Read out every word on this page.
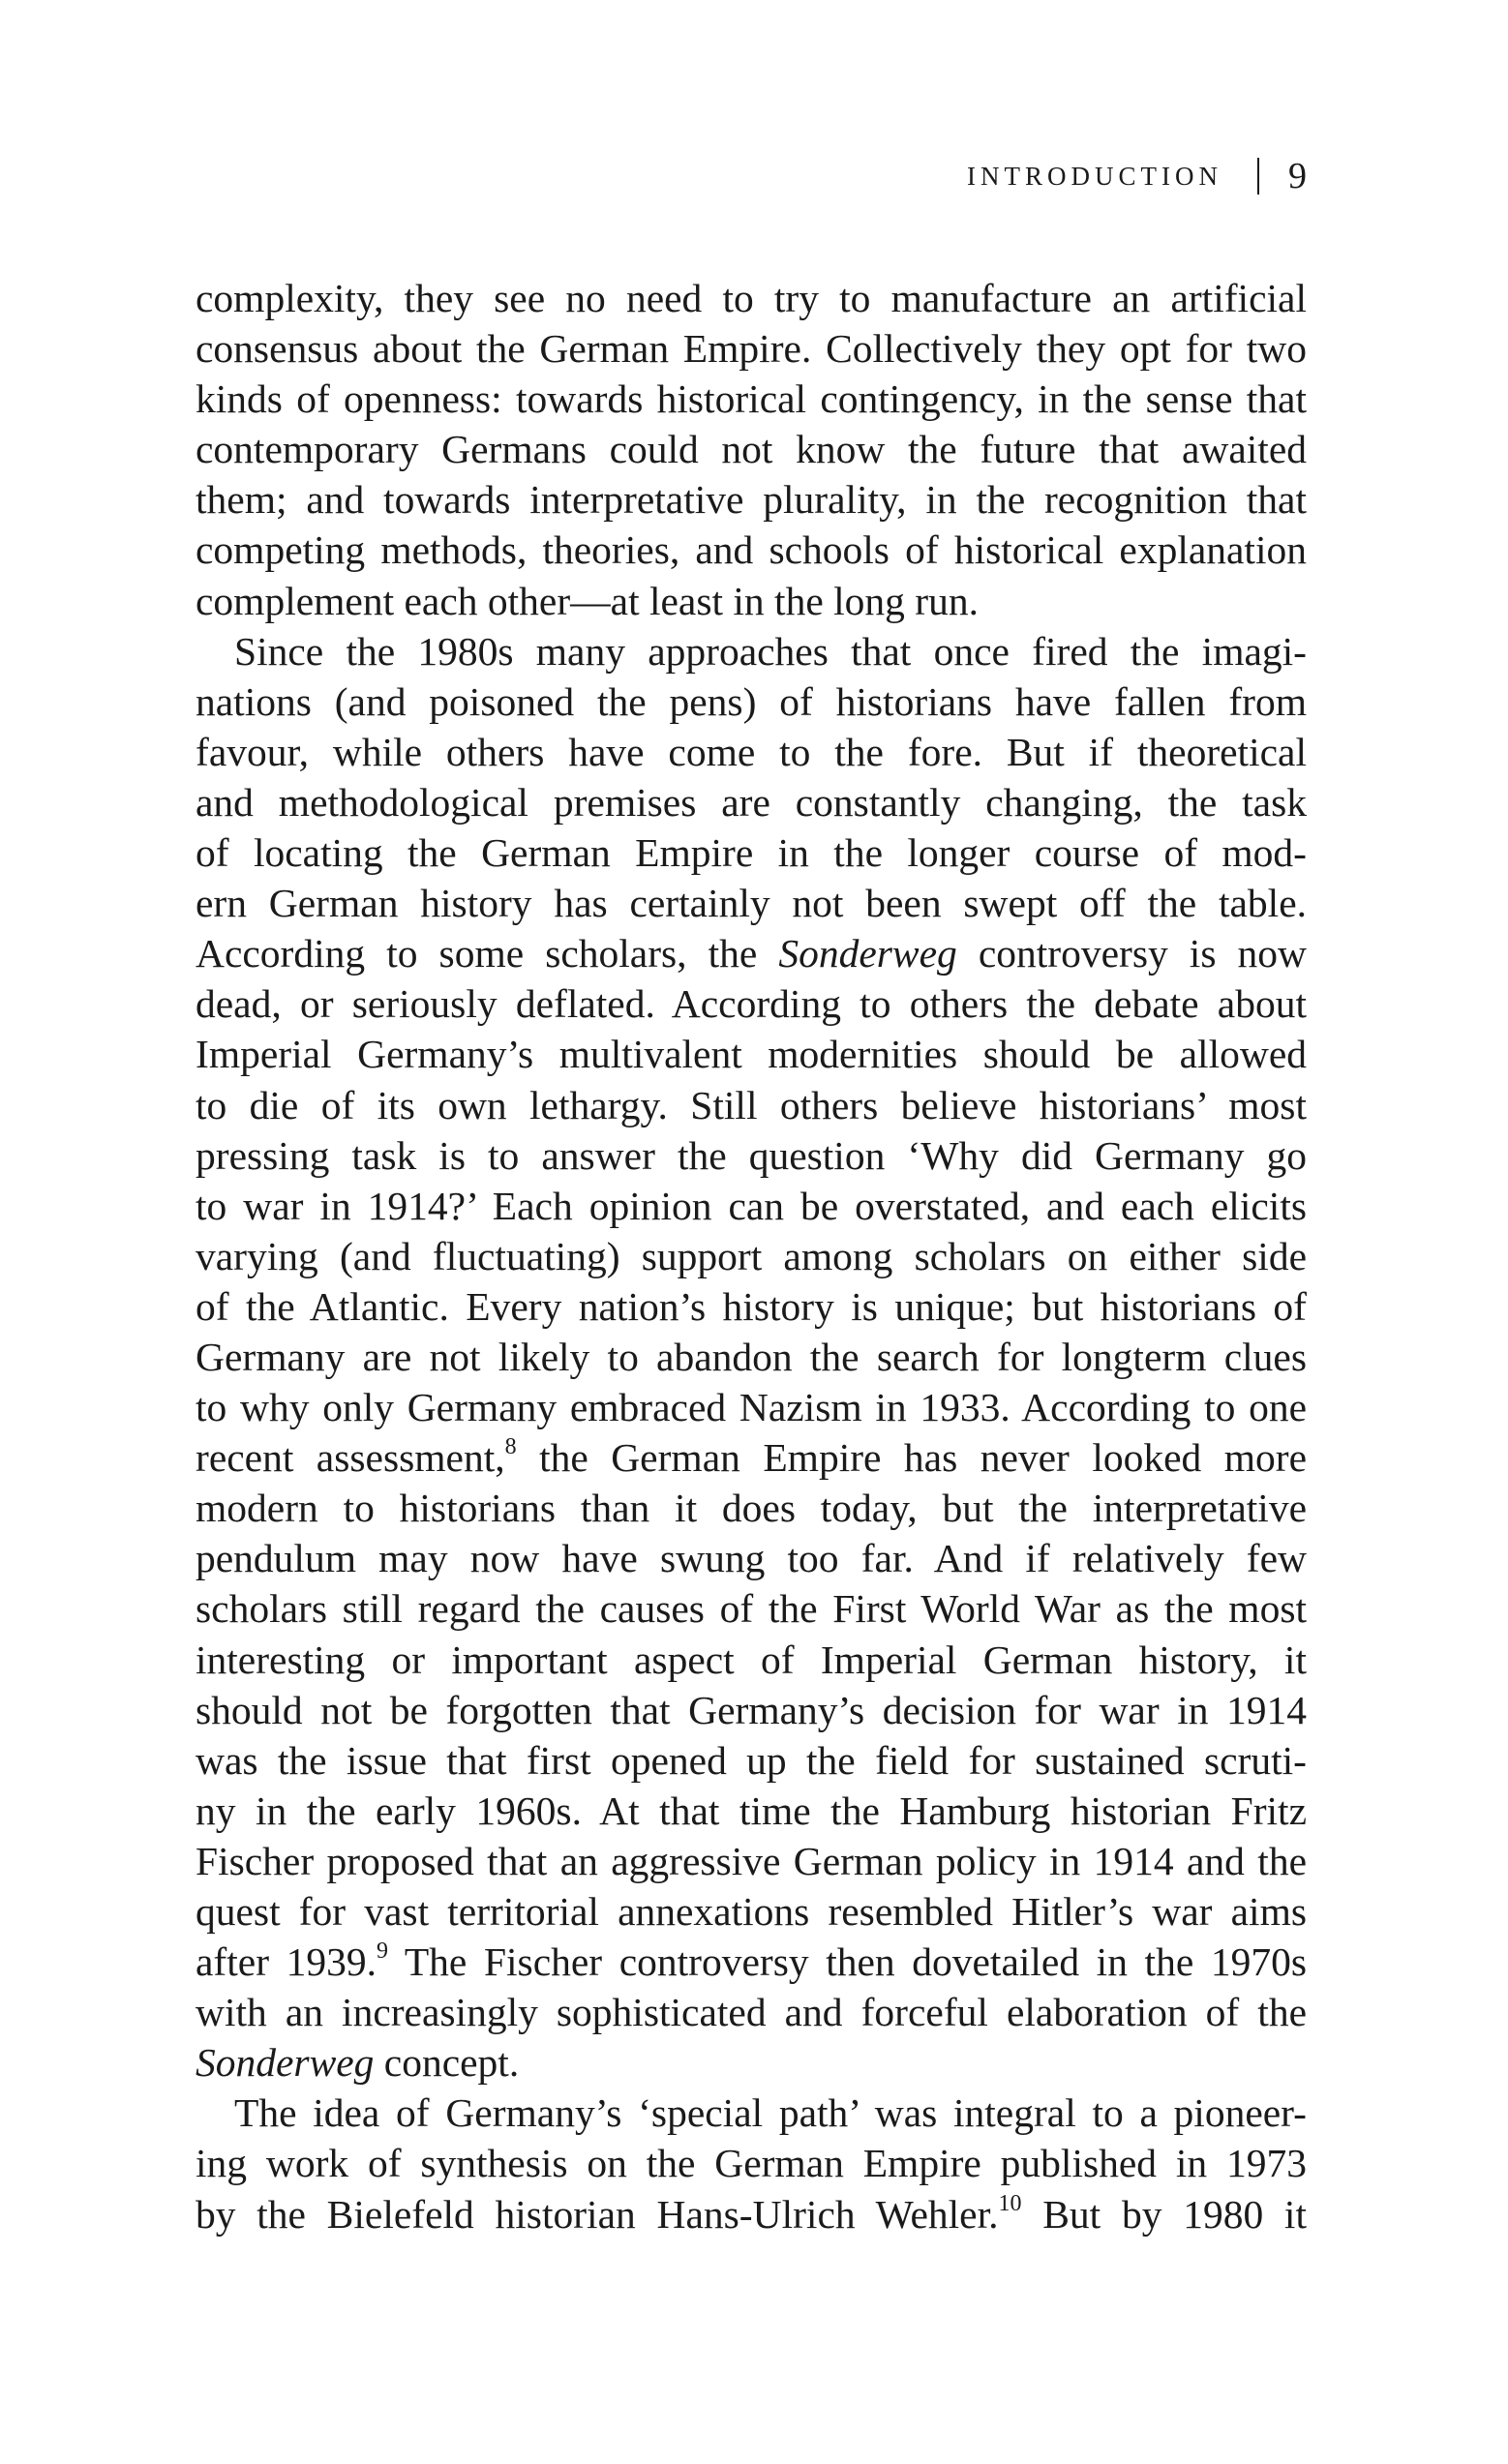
INTRODUCTION 9

complexity, they see no need to try to manufacture an artificial
consensus about the German Empire. Collectively they opt for two
kinds of openness: towards historical contingency, in the sense that
contemporary Germans could not know the future that awaited
them; and towards interpretative plurality, in the recognition that
competing methods, theories, and schools of historical explanation
complement each other—at least in the long run.

Since the 1980s many approaches that once fired the imagi-
nations (and poisoned the pens) of historians have fallen from
favour, while others have come to the fore. But if theoretical
and methodological premises are constantly changing, the task
of locating the German Empire in the longer course of mod-
ern German history has certainly not been swept off the table.
According to some scholars, the Sonderweg controversy is now
dead, or seriously deflated. According to others the debate about
Imperial Germany’s multivalent modernities should be allowed
to die of its own lethargy. Still others believe historians’ most
pressing task is to answer the question ‘Why did Germany go
to war in 1914?’ Each opinion can be overstated, and each elicits
varying (and fluctuating) support among scholars on either side
of the Atlantic. Every nation’s history is unique; but historians of
Germany are not likely to abandon the search for longterm clues
to why only Germany embraced Nazism in 1933. According to one
recent assessment,$^8$ the German Empire has never looked more
modern to historians than it does today, but the interpretative
pendulum may now have swung too far. And if relatively few
scholars still regard the causes of the First World War as the most
interesting or important aspect of Imperial German history, it
should not be forgotten that Germany’s decision for war in 1914
was the issue that first opened up the field for sustained scruti-
ny in the early 1960s. At that time the Hamburg historian Fritz
Fischer proposed that an aggressive German policy in 1914 and the
quest for vast territorial annexations resembled Hitler’s war aims
after 1939.$^9$ The Fischer controversy then dovetailed in the 1970s
with an increasingly sophisticated and forceful elaboration of the
Sonderweg concept.

The idea of Germany’s ‘special path’ was integral to a pioneer-
ing work of synthesis on the German Empire published in 1973
by the Bielefeld historian Hans-Ulrich Wehler.$^{10}$ But by 1980 it
